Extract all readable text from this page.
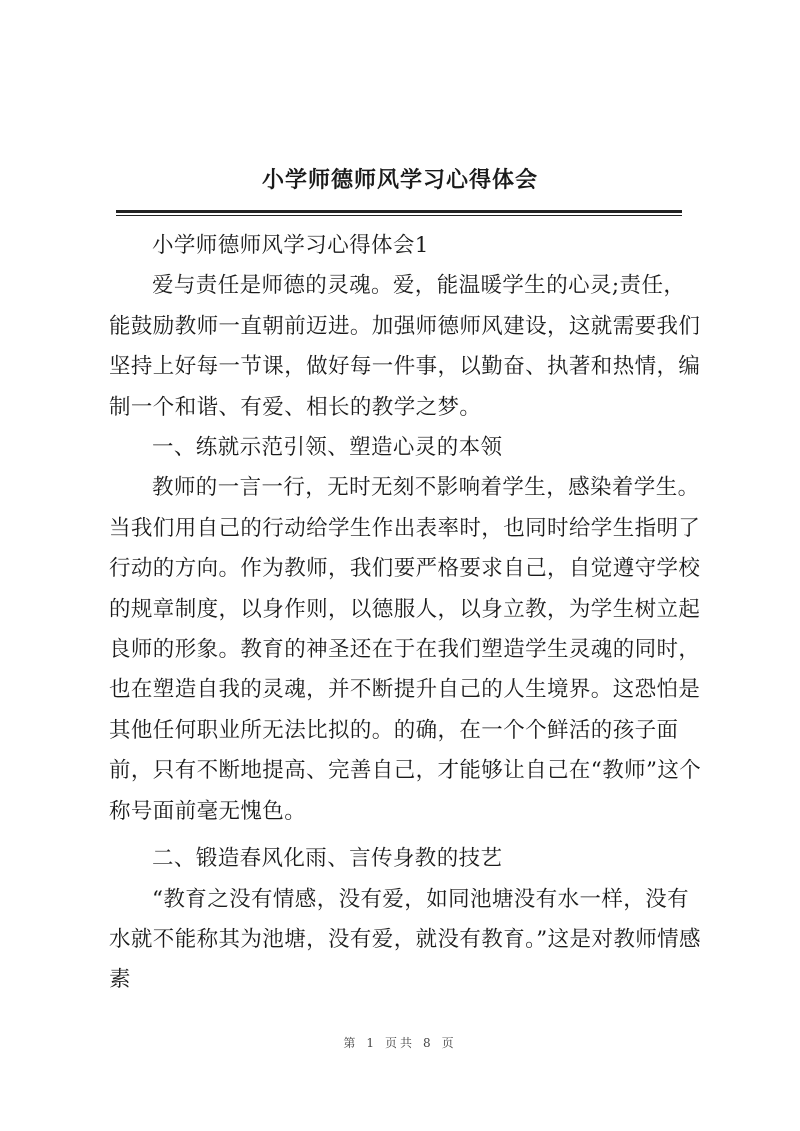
小学师德师风学习心得体会

小学师德师风学习心得体会1

爱与责任是师德的灵魂。爱，能温暖学生的心灵;责任，能鼓励教师一直朝前迈进。加强师德师风建设，这就需要我们坚持上好每一节课，做好每一件事，以勤奋、执著和热情，编制一个和谐、有爱、相长的教学之梦。

一、练就示范引领、塑造心灵的本领

教师的一言一行，无时无刻不影响着学生，感染着学生。当我们用自己的行动给学生作出表率时，也同时给学生指明了行动的方向。作为教师，我们要严格要求自己，自觉遵守学校的规章制度，以身作则，以德服人，以身立教，为学生树立起良师的形象。教育的神圣还在于在我们塑造学生灵魂的同时，也在塑造自我的灵魂，并不断提升自己的人生境界。这恐怕是其他任何职业所无法比拟的。的确，在一个个鲜活的孩子面前，只有不断地提高、完善自己，才能够让自己在“教师”这个称号面前毫无愧色。

二、锻造春风化雨、言传身教的技艺

“教育之没有情感，没有爱，如同池塘没有水一样，没有水就不能称其为池塘，没有爱，就没有教育。”这是对教师情感素

第 1 页共 8 页
